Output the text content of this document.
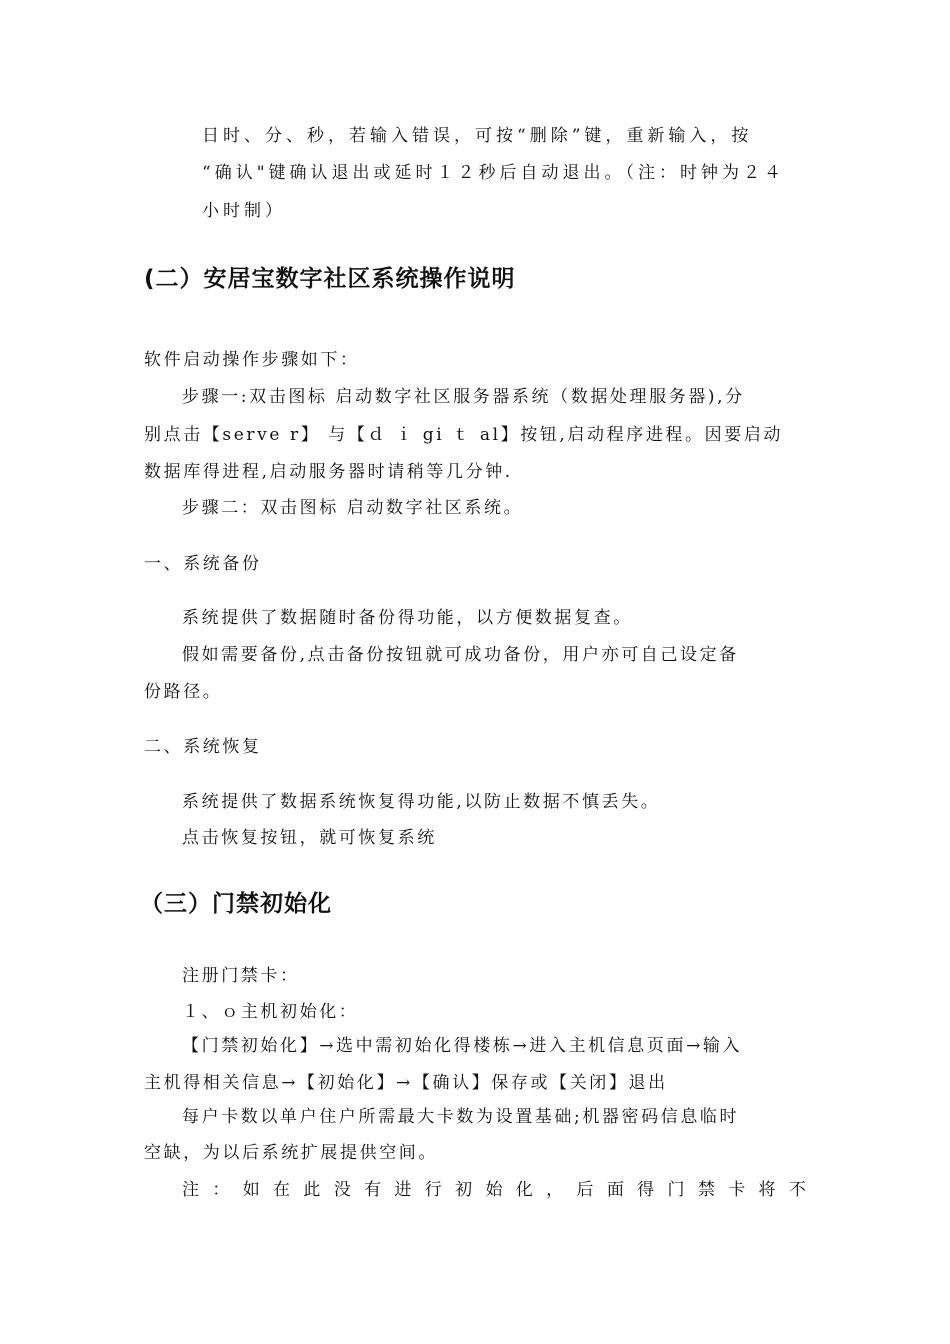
日时、分、秒，若输入错误，可按“删除”键，重新输入，按
“确认"键确认退出或延时１２秒后自动退出。（注：时钟为２４
小时制）
(二）安居宝数字社区系统操作说明
软件启动操作步骤如下：
步骤一:双击图标 启动数字社区服务器系统（数据处理服务器),分
别点击【serve r】 与【ｄ ｉ gi ｔ al】按钮,启动程序进程。因要启动
数据库得进程,启动服务器时请稍等几分钟.
步骤二：双击图标 启动数字社区系统。
一、系统备份
系统提供了数据随时备份得功能，以方便数据复查。
假如需要备份,点击备份按钮就可成功备份，用户亦可自己设定备
份路径。
二、系统恢复
系统提供了数据系统恢复得功能,以防止数据不慎丢失。
点击恢复按钮，就可恢复系统
（三）门禁初始化
注册门禁卡：
１、ｏ主机初始化：
【门禁初始化】→选中需初始化得楼栋→进入主机信息页面→输入
主机得相关信息→【初始化】→【确认】保存或【关闭】退出
每户卡数以单户住户所需最大卡数为设置基础;机器密码信息临时
空缺，为以后系统扩展提供空间。
注 ： 如 在 此 没 有 进 行 初 始 化 ， 后 面 得 门 禁 卡 将 不
